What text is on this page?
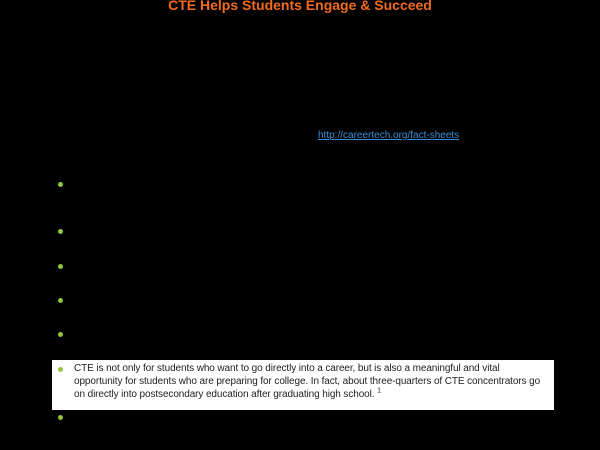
CTE Helps Students Engage & Succeed
http://careertech.org/fact-sheets
CTE is not only for students who want to go directly into a career, but is also a meaningful and vital opportunity for students who are preparing for college. In fact, about three-quarters of CTE concentrators go on directly into postsecondary education after graduating high school. $^1$
